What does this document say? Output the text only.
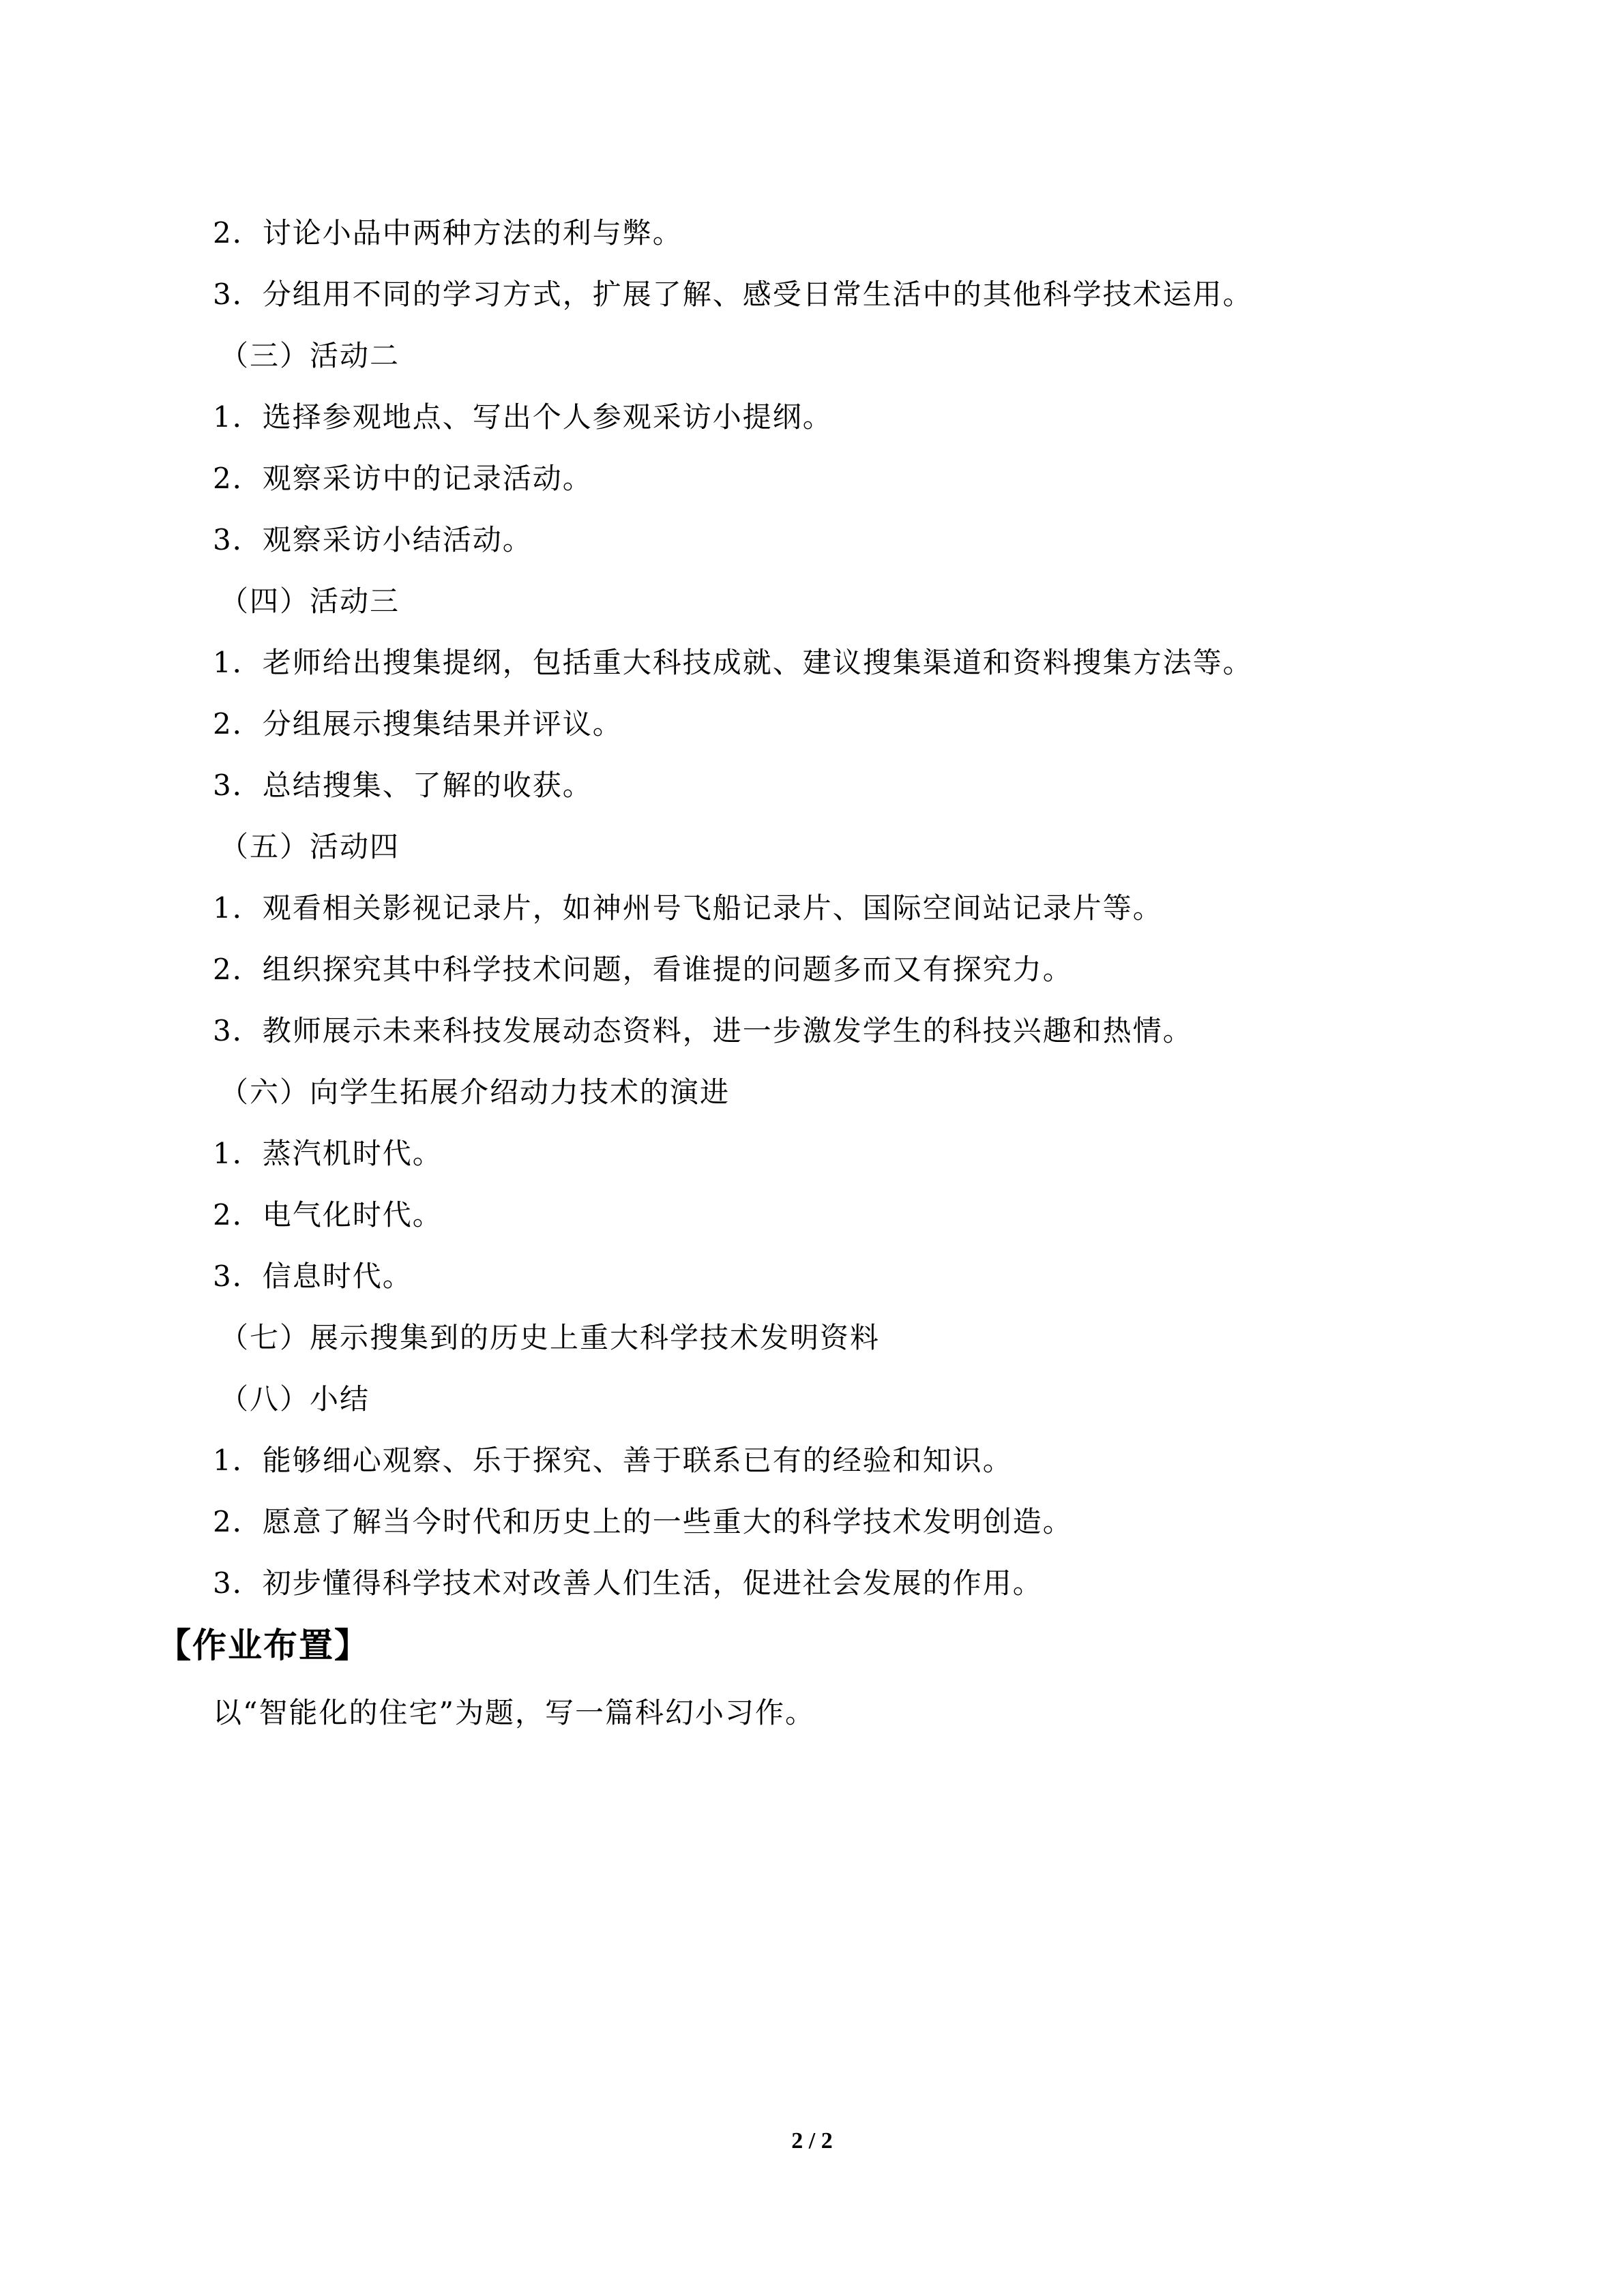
2．讨论小品中两种方法的利与弊。
3．分组用不同的学习方式，扩展了解、感受日常生活中的其他科学技术运用。
（三）活动二
1．选择参观地点、写出个人参观采访小提纲。
2．观察采访中的记录活动。
3．观察采访小结活动。
（四）活动三
1．老师给出搜集提纲，包括重大科技成就、建议搜集渠道和资料搜集方法等。
2．分组展示搜集结果并评议。
3．总结搜集、了解的收获。
（五）活动四
1．观看相关影视记录片，如神州号飞船记录片、国际空间站记录片等。
2．组织探究其中科学技术问题，看谁提的问题多而又有探究力。
3．教师展示未来科技发展动态资料，进一步激发学生的科技兴趣和热情。
（六）向学生拓展介绍动力技术的演进
1．蒸汽机时代。
2．电气化时代。
3．信息时代。
（七）展示搜集到的历史上重大科学技术发明资料
（八）小结
1．能够细心观察、乐于探究、善于联系已有的经验和知识。
2．愿意了解当今时代和历史上的一些重大的科学技术发明创造。
3．初步懂得科学技术对改善人们生活，促进社会发展的作用。
【作业布置】
以“智能化的住宅”为题，写一篇科幻小习作。
2 / 2
